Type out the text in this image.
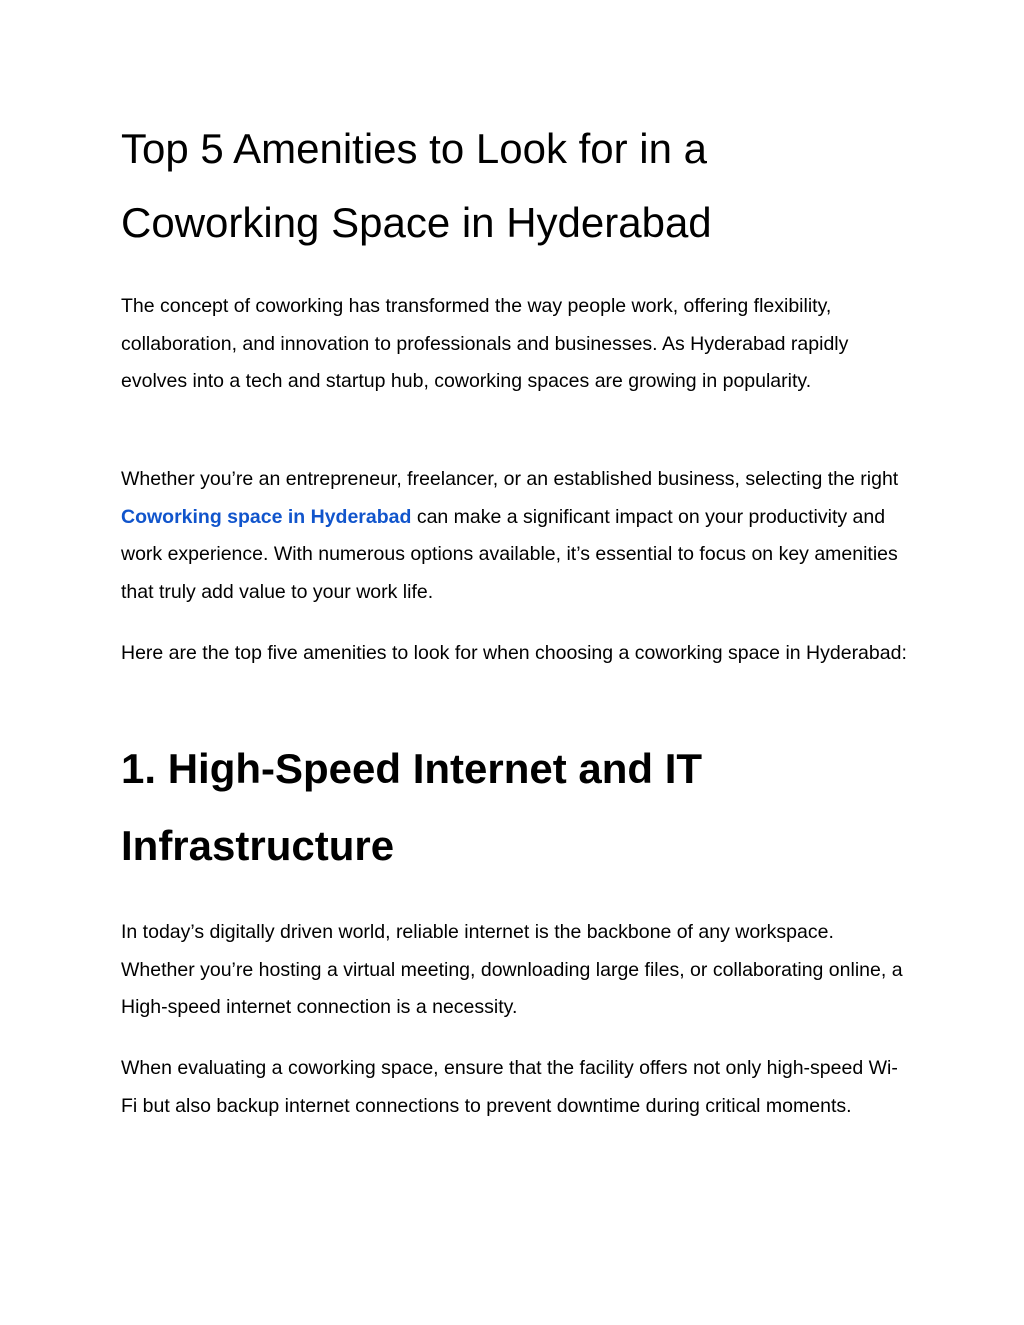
Top 5 Amenities to Look for in a Coworking Space in Hyderabad

The concept of coworking has transformed the way people work, offering flexibility, collaboration, and innovation to professionals and businesses. As Hyderabad rapidly evolves into a tech and startup hub, coworking spaces are growing in popularity.

Whether you’re an entrepreneur, freelancer, or an established business, selecting the right Coworking space in Hyderabad can make a significant impact on your productivity and work experience. With numerous options available, it’s essential to focus on key amenities that truly add value to your work life.

Here are the top five amenities to look for when choosing a coworking space in Hyderabad:

1. High-Speed Internet and IT Infrastructure

In today’s digitally driven world, reliable internet is the backbone of any workspace. Whether you’re hosting a virtual meeting, downloading large files, or collaborating online, a High-speed internet connection is a necessity.

When evaluating a coworking space, ensure that the facility offers not only high-speed Wi-Fi but also backup internet connections to prevent downtime during critical moments.
